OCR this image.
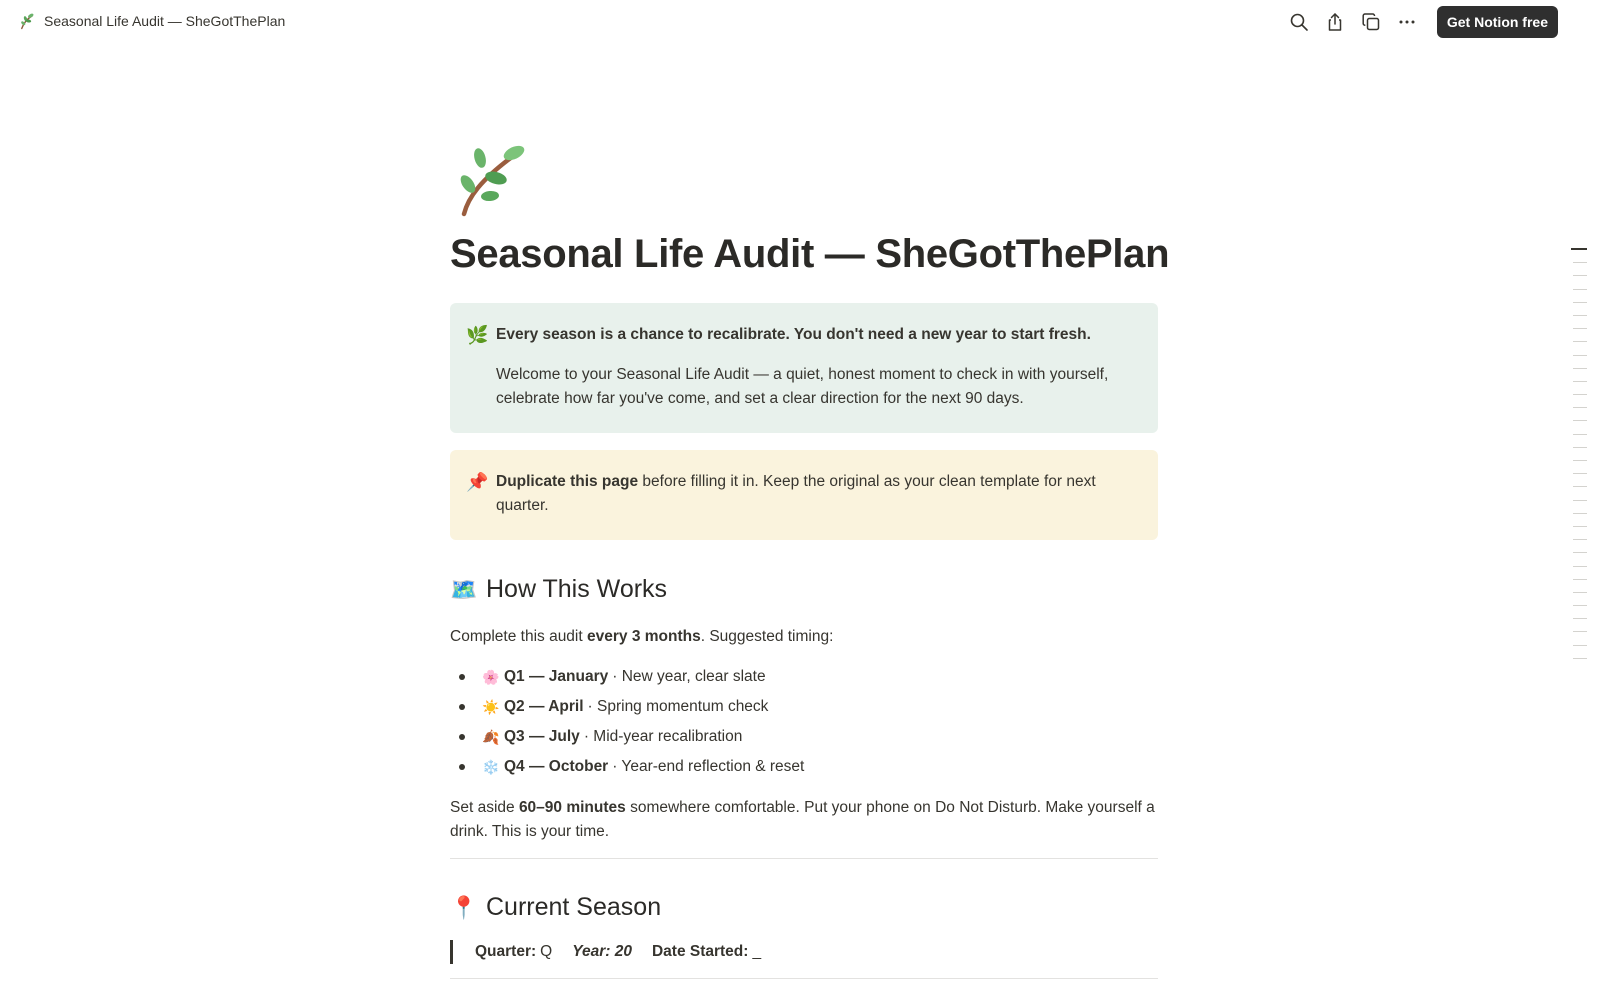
Seasonal Life Audit — SheGotThePlan	Get Notion free
Seasonal Life Audit — SheGotThePlan
🌿 Every season is a chance to recalibrate. You don't need a new year to start fresh.

Welcome to your Seasonal Life Audit — a quiet, honest moment to check in with yourself, celebrate how far you've come, and set a clear direction for the next 90 days.

📌 Duplicate this page before filling it in. Keep the original as your clean template for next quarter.

🗺️ How This Works

Complete this audit every 3 months. Suggested timing:

🌸 Q1 — January · New year, clear slate
☀️ Q2 — April · Spring momentum check
🍂 Q3 — July · Mid-year recalibration
❄️ Q4 — October · Year-end reflection & reset

Set aside 60–90 minutes somewhere comfortable. Put your phone on Do Not Disturb. Make yourself a drink. This is your time.

📍 Current Season
Quarter: Q Year: 20 Date Started: _
